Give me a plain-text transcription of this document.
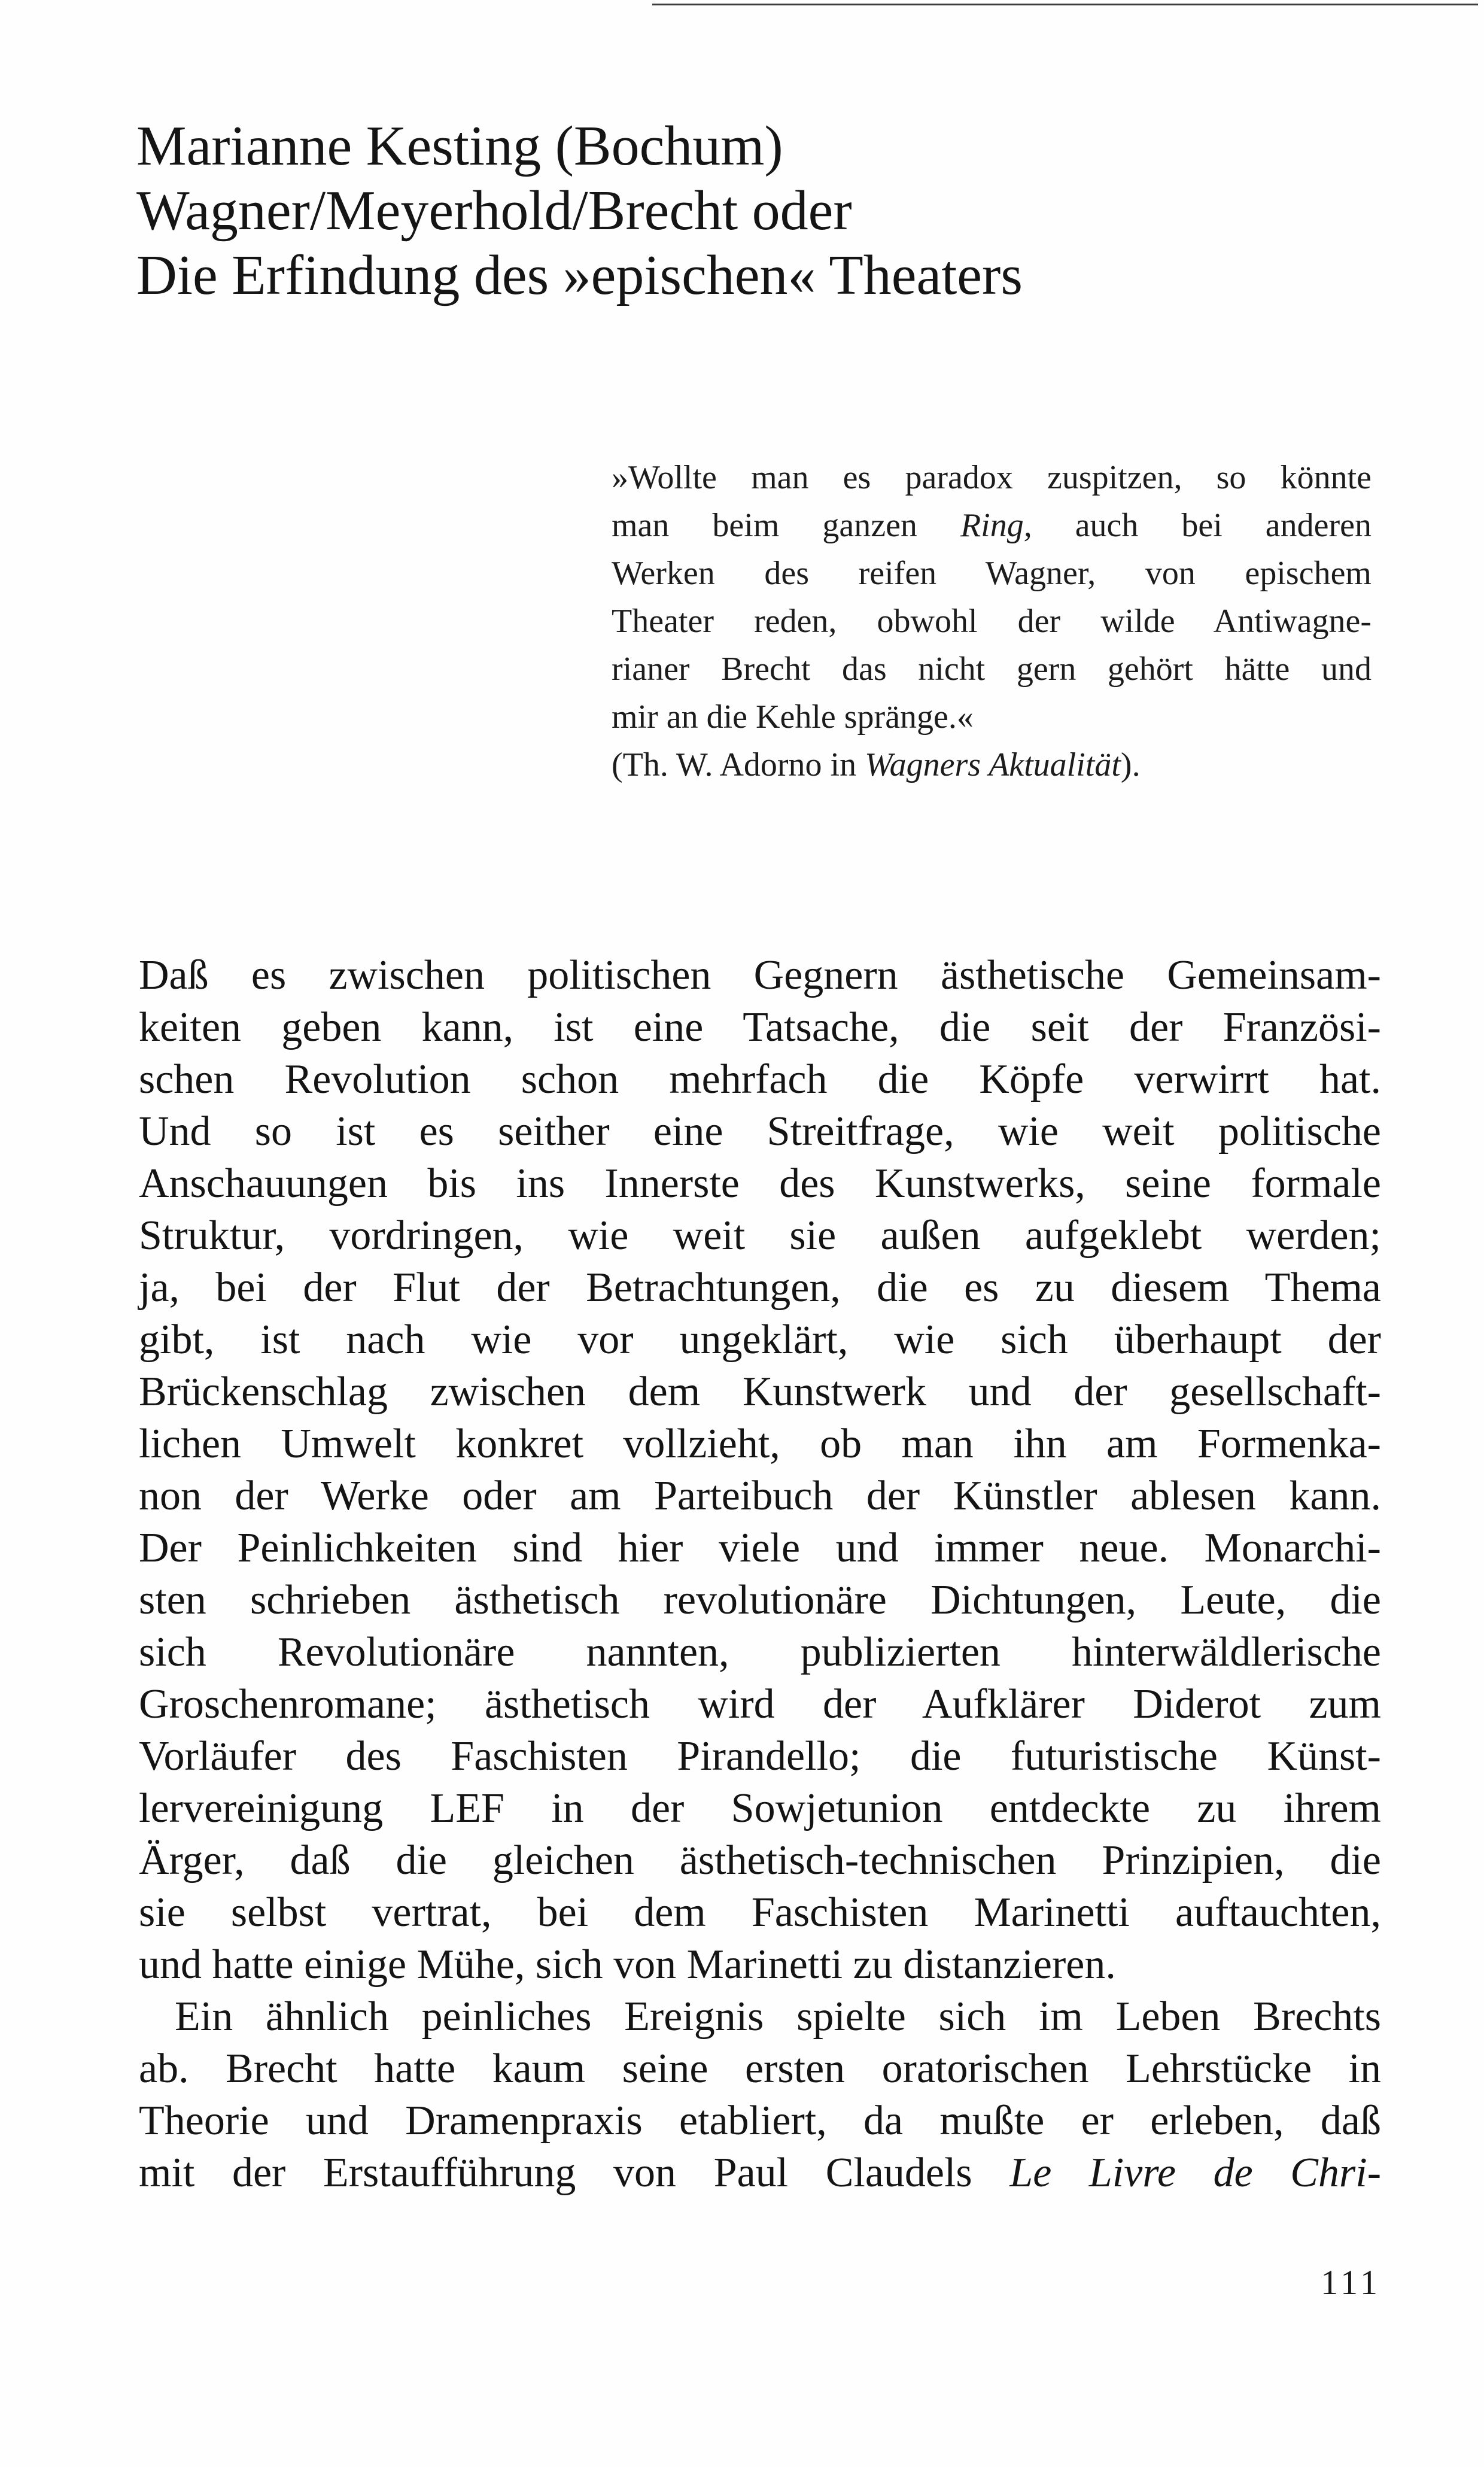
Marianne Kesting (Bochum)
Wagner/Meyerhold/Brecht oder
Die Erfindung des »epischen« Theaters
»Wollte man es paradox zuspitzen, so könnte
man beim ganzen Ring, auch bei anderen
Werken des reifen Wagner, von epischem
Theater reden, obwohl der wilde Antiwagne-
rianer Brecht das nicht gern gehört hätte und
mir an die Kehle spränge.«
(Th. W. Adorno in Wagners Aktualität).
Daß es zwischen politischen Gegnern ästhetische Gemeinsam-
keiten geben kann, ist eine Tatsache, die seit der Französi-
schen Revolution schon mehrfach die Köpfe verwirrt hat.
Und so ist es seither eine Streitfrage, wie weit politische
Anschauungen bis ins Innerste des Kunstwerks, seine formale
Struktur, vordringen, wie weit sie außen aufgeklebt werden;
ja, bei der Flut der Betrachtungen, die es zu diesem Thema
gibt, ist nach wie vor ungeklärt, wie sich überhaupt der
Brückenschlag zwischen dem Kunstwerk und der gesellschaft-
lichen Umwelt konkret vollzieht, ob man ihn am Formenka-
non der Werke oder am Parteibuch der Künstler ablesen kann.
Der Peinlichkeiten sind hier viele und immer neue. Monarchi-
sten schrieben ästhetisch revolutionäre Dichtungen, Leute, die
sich Revolutionäre nannten, publizierten hinterwäldlerische
Groschenromane; ästhetisch wird der Aufklärer Diderot zum
Vorläufer des Faschisten Pirandello; die futuristische Künst-
lervereinigung LEF in der Sowjetunion entdeckte zu ihrem
Ärger, daß die gleichen ästhetisch-technischen Prinzipien, die
sie selbst vertrat, bei dem Faschisten Marinetti auftauchten,
und hatte einige Mühe, sich von Marinetti zu distanzieren.
Ein ähnlich peinliches Ereignis spielte sich im Leben Brechts
ab. Brecht hatte kaum seine ersten oratorischen Lehrstücke in
Theorie und Dramenpraxis etabliert, da mußte er erleben, daß
mit der Erstaufführung von Paul Claudels Le Livre de Chri-
111
